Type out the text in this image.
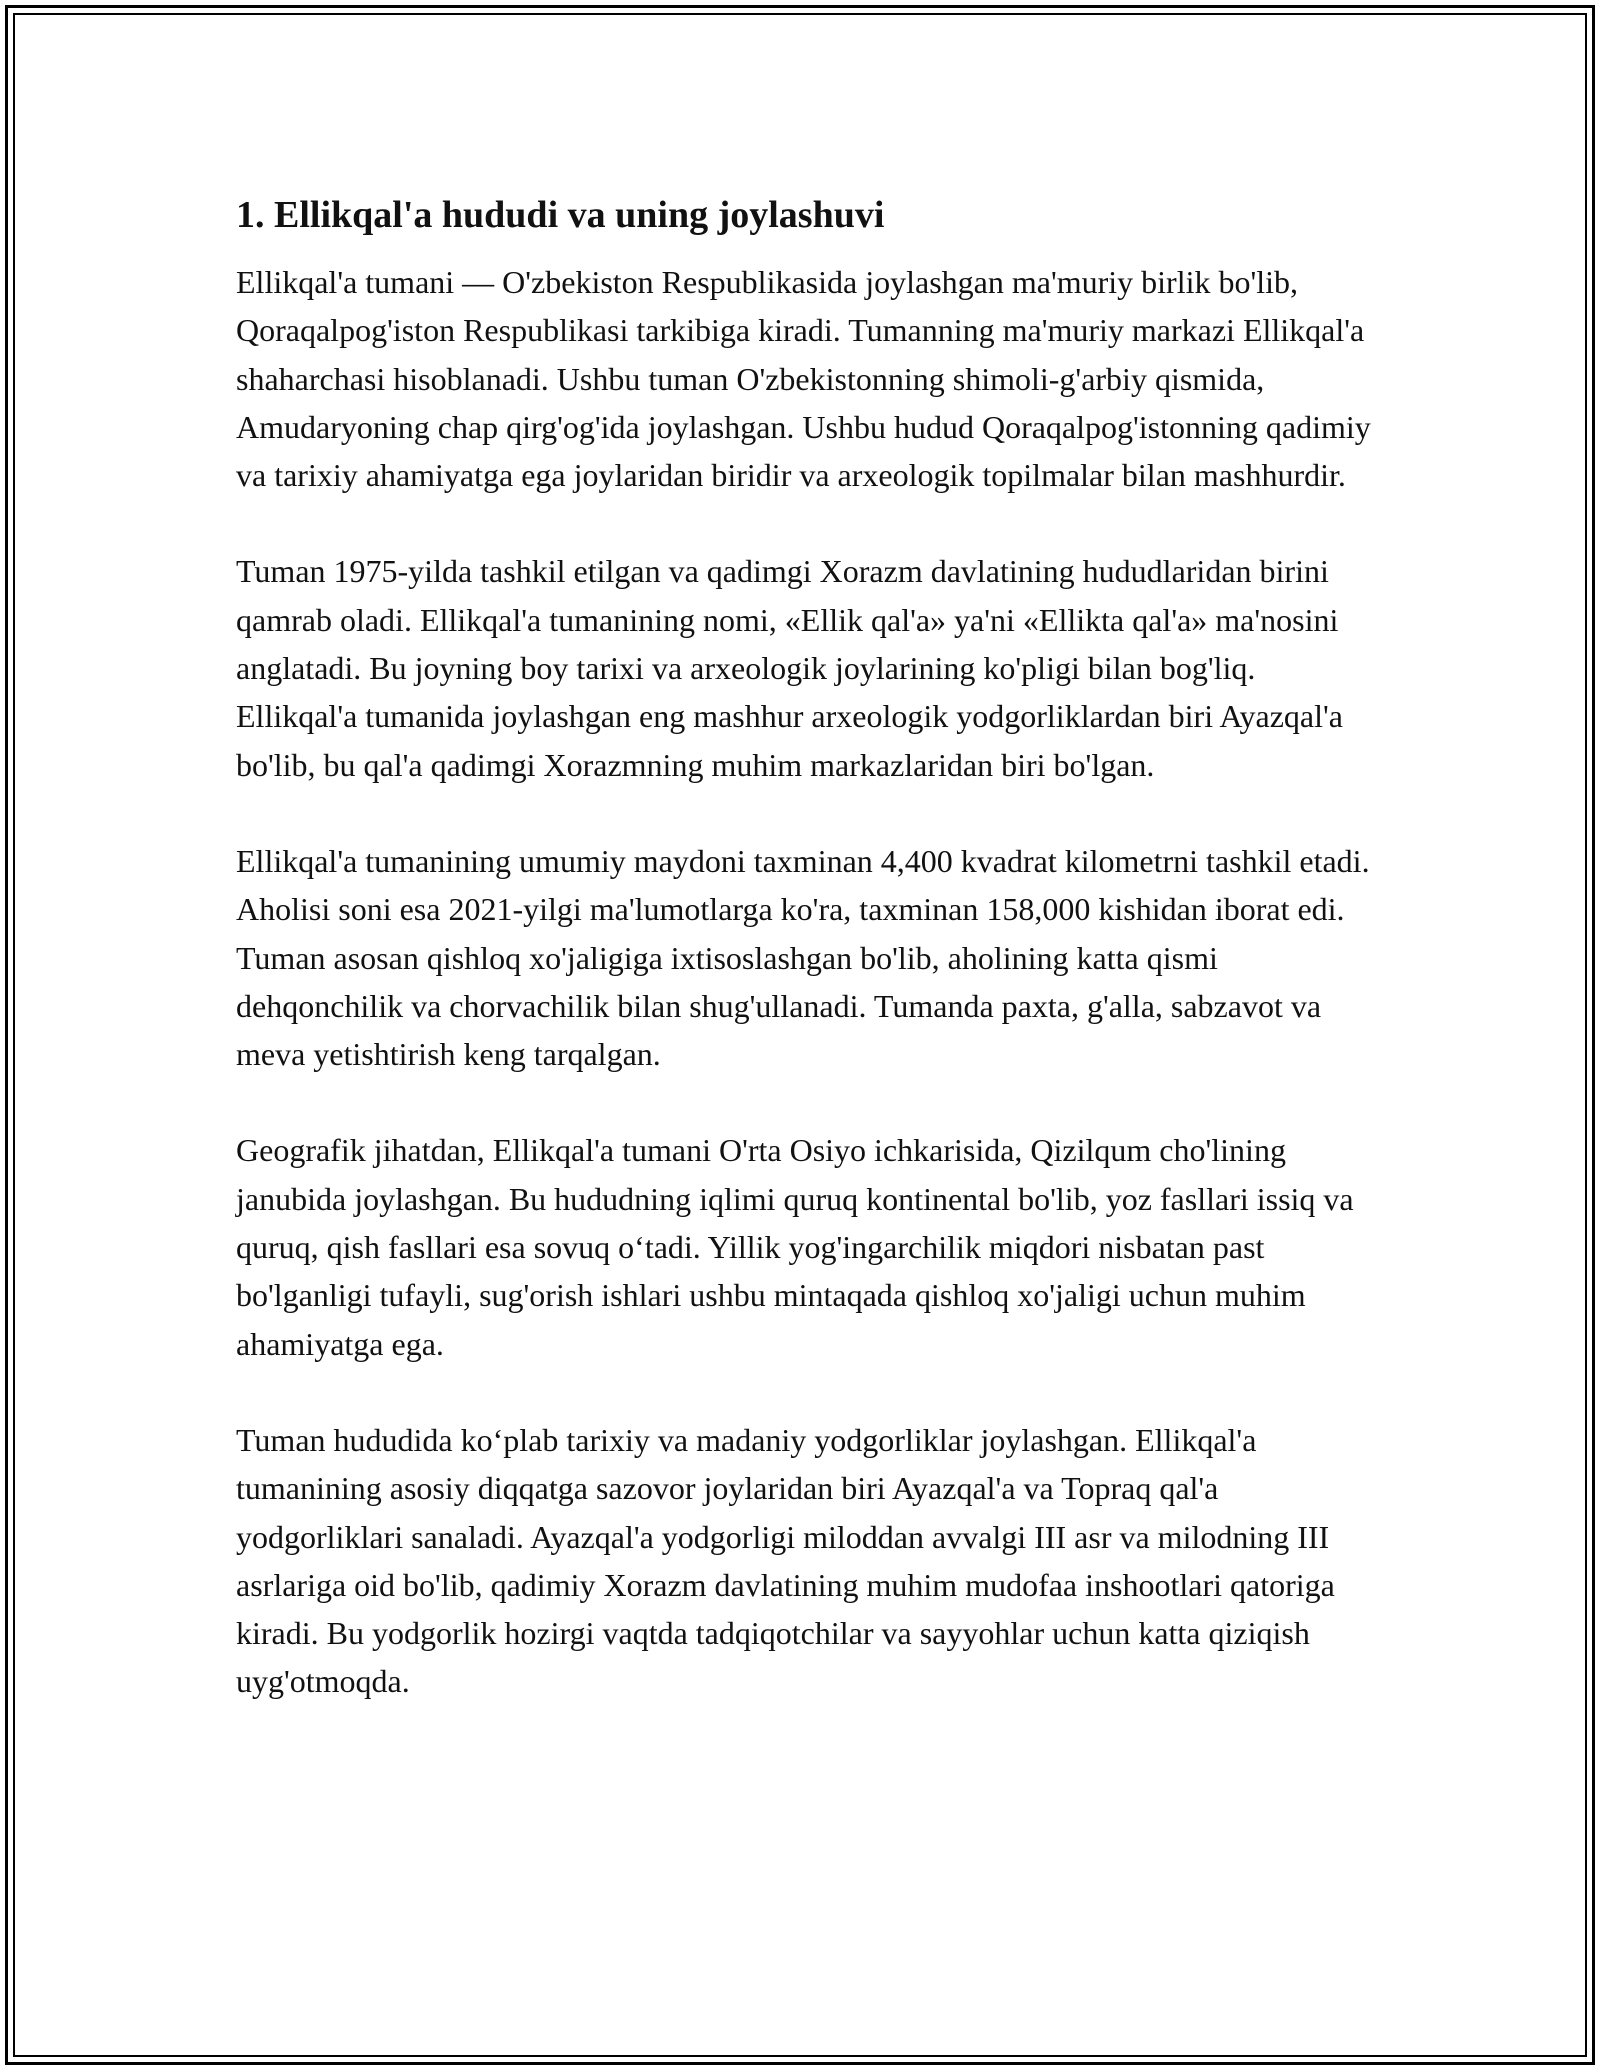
1. Ellikqal'a hududi va uning joylashuvi

Ellikqal'a tumani — O'zbekiston Respublikasida joylashgan ma'muriy birlik bo'lib, Qoraqalpog'iston Respublikasi tarkibiga kiradi. Tumanning ma'muriy markazi Ellikqal'a shaharchasi hisoblanadi. Ushbu tuman O'zbekistonning shimoli-g'arbiy qismida, Amudaryoning chap qirg'og'ida joylashgan. Ushbu hudud Qoraqalpog'istonning qadimiy va tarixiy ahamiyatga ega joylaridan biridir va arxeologik topilmalar bilan mashhurdir.

Tuman 1975-yilda tashkil etilgan va qadimgi Xorazm davlatining hududlaridan birini qamrab oladi. Ellikqal'a tumanining nomi, «Ellik qal'a» ya'ni «Ellikta qal'a» ma'nosini anglatadi. Bu joyning boy tarixi va arxeologik joylarining ko'pligi bilan bog'liq. Ellikqal'a tumanida joylashgan eng mashhur arxeologik yodgorliklardan biri Ayazqal'a bo'lib, bu qal'a qadimgi Xorazmning muhim markazlaridan biri bo'lgan.

Ellikqal'a tumanining umumiy maydoni taxminan 4,400 kvadrat kilometrni tashkil etadi. Aholisi soni esa 2021-yilgi ma'lumotlarga ko'ra, taxminan 158,000 kishidan iborat edi. Tuman asosan qishloq xo'jaligiga ixtisoslashgan bo'lib, aholining katta qismi dehqonchilik va chorvachilik bilan shug'ullanadi. Tumanda paxta, g'alla, sabzavot va meva yetishtirish keng tarqalgan.

Geografik jihatdan, Ellikqal'a tumani O'rta Osiyo ichkarisida, Qizilqum cho'lining janubida joylashgan. Bu hududning iqlimi quruq kontinental bo'lib, yoz fasllari issiq va quruq, qish fasllari esa sovuq oʻtadi. Yillik yog'ingarchilik miqdori nisbatan past bo'lganligi tufayli, sug'orish ishlari ushbu mintaqada qishloq xo'jaligi uchun muhim ahamiyatga ega.

Tuman hududida koʻplab tarixiy va madaniy yodgorliklar joylashgan. Ellikqal'a tumanining asosiy diqqatga sazovor joylaridan biri Ayazqal'a va Topraq qal'a yodgorliklari sanaladi. Ayazqal'a yodgorligi miloddan avvalgi III asr va milodning III asrlariga oid bo'lib, qadimiy Xorazm davlatining muhim mudofaa inshootlari qatoriga kiradi. Bu yodgorlik hozirgi vaqtda tadqiqotchilar va sayyohlar uchun katta qiziqish uyg'otmoqda.
